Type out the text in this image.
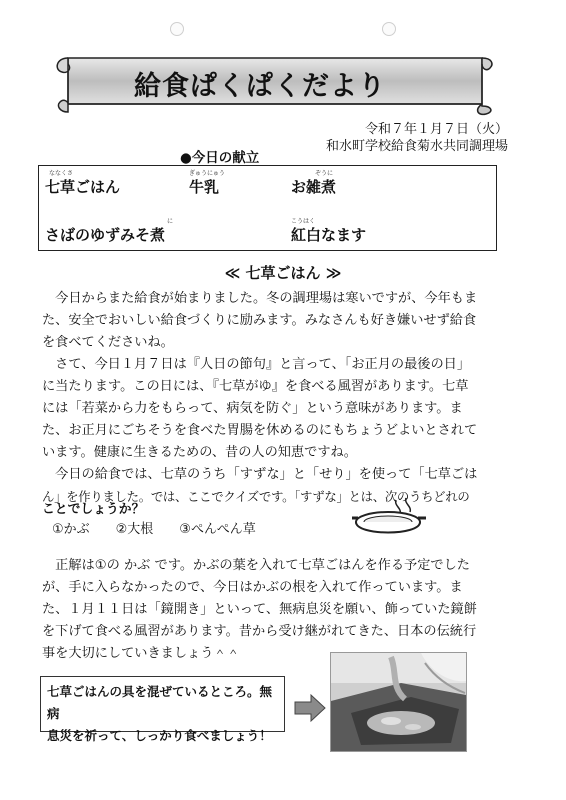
給食ぱくぱくだより
令和７年１月７日（火）
和水町学校給食菊水共同調理場
●今日の献立
ななくさ
七草ごはん
ぎゅうにゅう
牛乳
ぞうに
お雑煮
に
さばのゆずみそ煮
こうはく
紅白なます
≪ 七草ごはん ≫
　今日からまた給食が始まりました。冬の調理場は寒いですが、今年もま
た、安全でおいしい給食づくりに励みます。みなさんも好き嫌いせず給食
を食べてくださいね。
　さて、今日１月７日は『人日の節句』と言って、「お正月の最後の日」
に当たります。この日には、『七草がゆ』を食べる風習があります。七草
には「若菜から力をもらって、病気を防ぐ」という意味があります。ま
た、お正月にごちそうを食べた胃腸を休めるのにもちょうどよいとされて
います。健康に生きるための、昔の人の知恵ですね。
　今日の給食では、七草のうち「すずな」と「せり」を使って「七草ごは
ん」を作りました。では、ここでクイズです。「すずな」とは、次のうちどれの
ことでしょうか？
①かぶ　　②大根　　③ぺんぺん草
　正解は①の かぶ です。かぶの葉を入れて七草ごはんを作る予定でした
が、手に入らなかったので、今日はかぶの根を入れて作っています。ま
た、１月１１日は「鏡開き」といって、無病息災を願い、飾っていた鏡餅
を下げて食べる風習があります。昔から受け継がれてきた、日本の伝統行
事を大切にしていきましょう＾＾
七草ごはんの具を混ぜているところ。無病
息災を祈って、しっかり食べましょう！
